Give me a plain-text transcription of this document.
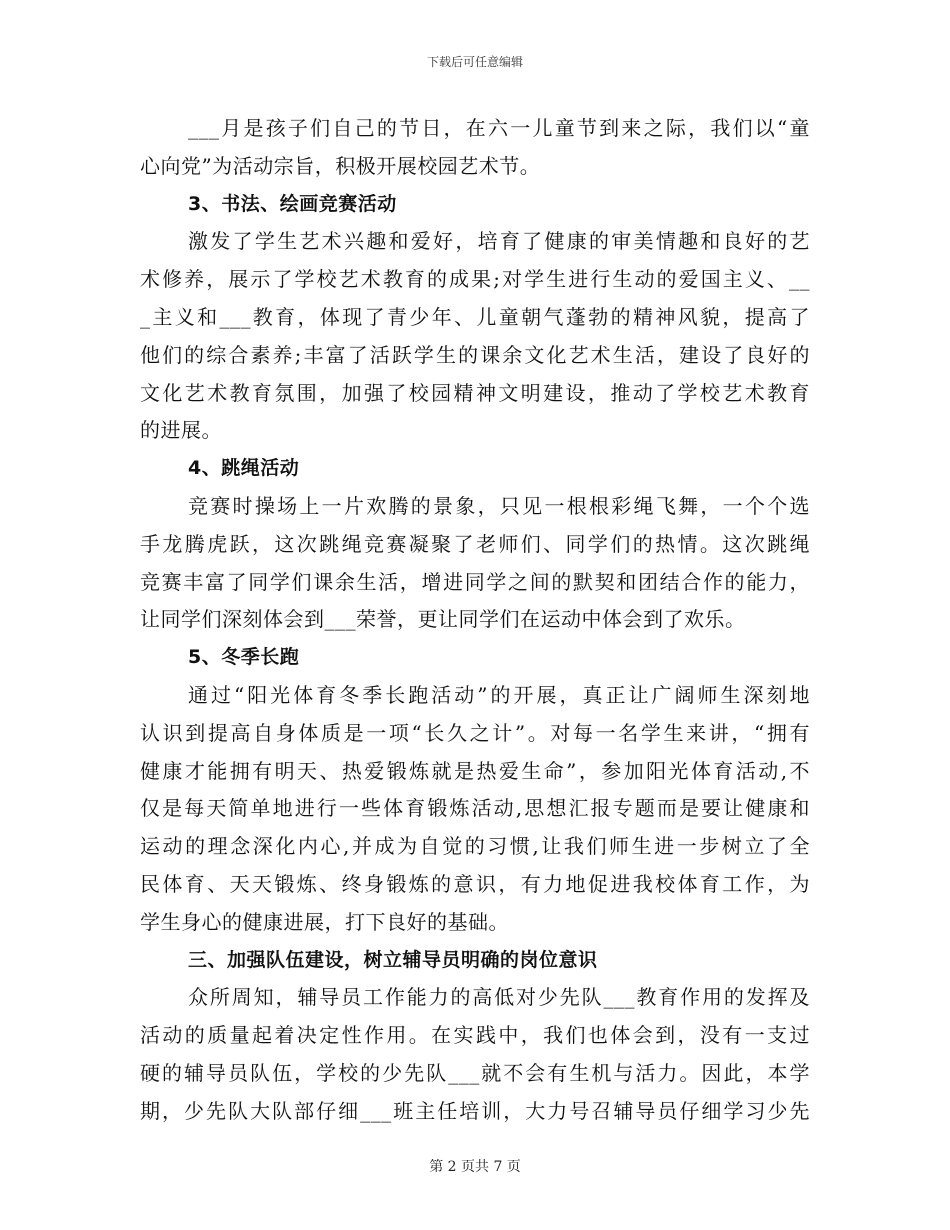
下载后可任意编辑
___月是孩子们自己的节日，在六一儿童节到来之际，我们以“童
心向党”为活动宗旨，积极开展校园艺术节。
3、书法、绘画竞赛活动
激发了学生艺术兴趣和爱好，培育了健康的审美情趣和良好的艺
术修养，展示了学校艺术教育的成果;对学生进行生动的爱国主义、__
_主义和___教育，体现了青少年、儿童朝气蓬勃的精神风貌，提高了
他们的综合素养;丰富了活跃学生的课余文化艺术生活，建设了良好的
文化艺术教育氛围，加强了校园精神文明建设，推动了学校艺术教育
的进展。
4、跳绳活动
竞赛时操场上一片欢腾的景象，只见一根根彩绳飞舞，一个个选
手龙腾虎跃，这次跳绳竞赛凝聚了老师们、同学们的热情。这次跳绳
竞赛丰富了同学们课余生活，增进同学之间的默契和团结合作的能力，
让同学们深刻体会到___荣誉，更让同学们在运动中体会到了欢乐。
5、冬季长跑
通过“阳光体育冬季长跑活动”的开展，真正让广阔师生深刻地
认识到提高自身体质是一项“长久之计”。对每一名学生来讲，“拥有
健康才能拥有明天、热爱锻炼就是热爱生命”，参加阳光体育活动,不
仅是每天简单地进行一些体育锻炼活动,思想汇报专题而是要让健康和
运动的理念深化内心,并成为自觉的习惯,让我们师生进一步树立了全
民体育、天天锻炼、终身锻炼的意识，有力地促进我校体育工作，为
学生身心的健康进展，打下良好的基础。
三、加强队伍建设，树立辅导员明确的岗位意识
众所周知，辅导员工作能力的高低对少先队___教育作用的发挥及
活动的质量起着决定性作用。在实践中，我们也体会到，没有一支过
硬的辅导员队伍，学校的少先队___就不会有生机与活力。因此，本学
期，少先队大队部仔细___班主任培训，大力号召辅导员仔细学习少先
第 2 页共 7 页
